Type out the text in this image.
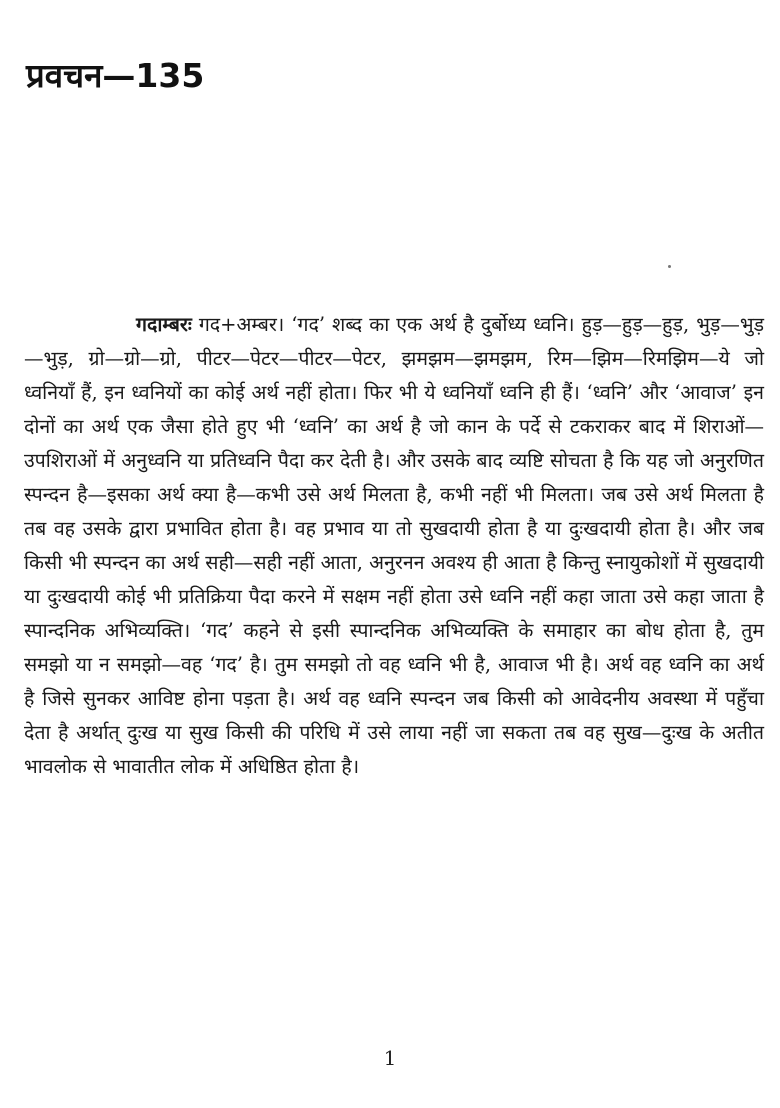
प्रवचन—135

गदाम्बरः गद+अम्बर। ‘गद’ शब्द का एक अर्थ है दुर्बोध्य ध्वनि। हुड़—हुड़—हुड़, भुड़—भुड़—भुड़, ग्रो—ग्रो—ग्रो, पीटर—पेटर—पीटर—पेटर, झमझम—झमझम, रिम—झिम—रिमझिम—ये जो ध्वनियाँ हैं, इन ध्वनियों का कोई अर्थ नहीं होता। फिर भी ये ध्वनियाँ ध्वनि ही हैं। ‘ध्वनि’ और ‘आवाज’ इन दोनों का अर्थ एक जैसा होते हुए भी ‘ध्वनि’ का अर्थ है जो कान के पर्दे से टकराकर बाद में शिराओं—उपशिराओं में अनुध्वनि या प्रतिध्वनि पैदा कर देती है। और उसके बाद व्यष्टि सोचता है कि यह जो अनुरणित स्पन्दन है—इसका अर्थ क्या है—कभी उसे अर्थ मिलता है, कभी नहीं भी मिलता। जब उसे अर्थ मिलता है तब वह उसके द्वारा प्रभावित होता है। वह प्रभाव या तो सुखदायी होता है या दुःखदायी होता है। और जब किसी भी स्पन्दन का अर्थ सही—सही नहीं आता, अनुरनन अवश्य ही आता है किन्तु स्नायुकोशों में सुखदायी या दुःखदायी कोई भी प्रतिक्रिया पैदा करने में सक्षम नहीं होता उसे ध्वनि नहीं कहा जाता उसे कहा जाता है स्पान्दनिक अभिव्यक्ति। ‘गद’ कहने से इसी स्पान्दनिक अभिव्यक्ति के समाहार का बोध होता है, तुम समझो या न समझो—वह ‘गद’ है। तुम समझो तो वह ध्वनि भी है, आवाज भी है। अर्थ वह ध्वनि का अर्थ है जिसे सुनकर आविष्ट होना पड़ता है। अर्थ वह ध्वनि स्पन्दन जब किसी को आवेदनीय अवस्था में पहुँचा देता है अर्थात् दुःख या सुख किसी की परिधि में उसे लाया नहीं जा सकता तब वह सुख—दुःख के अतीत भावलोक से भावातीत लोक में अधिष्ठित होता है।

1
